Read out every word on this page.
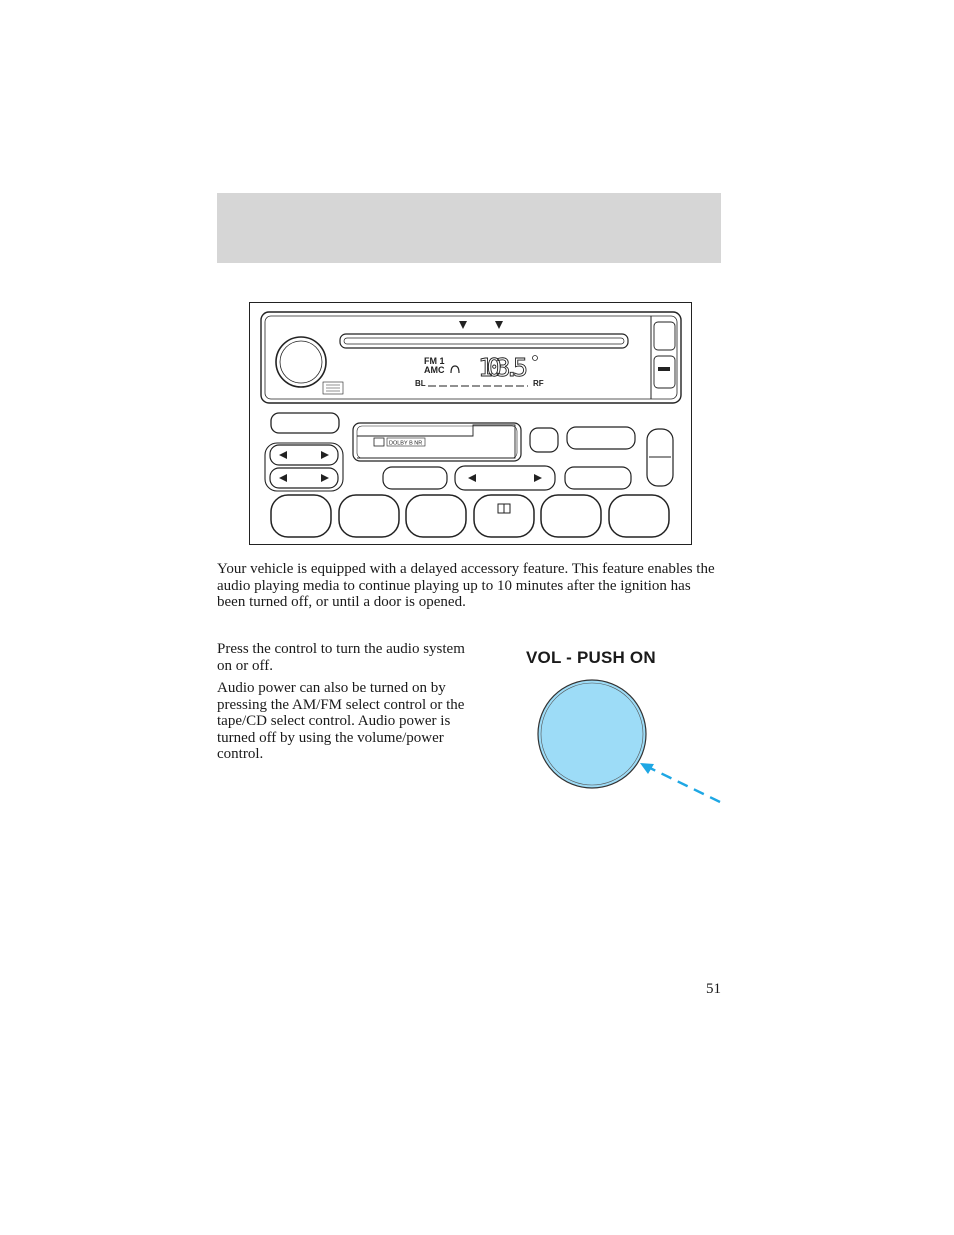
FM 1
AMC 103.5
BL	RF
DOLBY B NR

Your vehicle is equipped with a delayed accessory feature. This feature enables the audio playing media to continue playing up to 10 minutes after the ignition has been turned off, or until a door is opened.

Press the control to turn the audio system on or off.

Audio power can also be turned on by pressing the AM/FM select control or the tape/CD select control. Audio power is turned off by using the volume/power control.

VOL - PUSH ON
51
